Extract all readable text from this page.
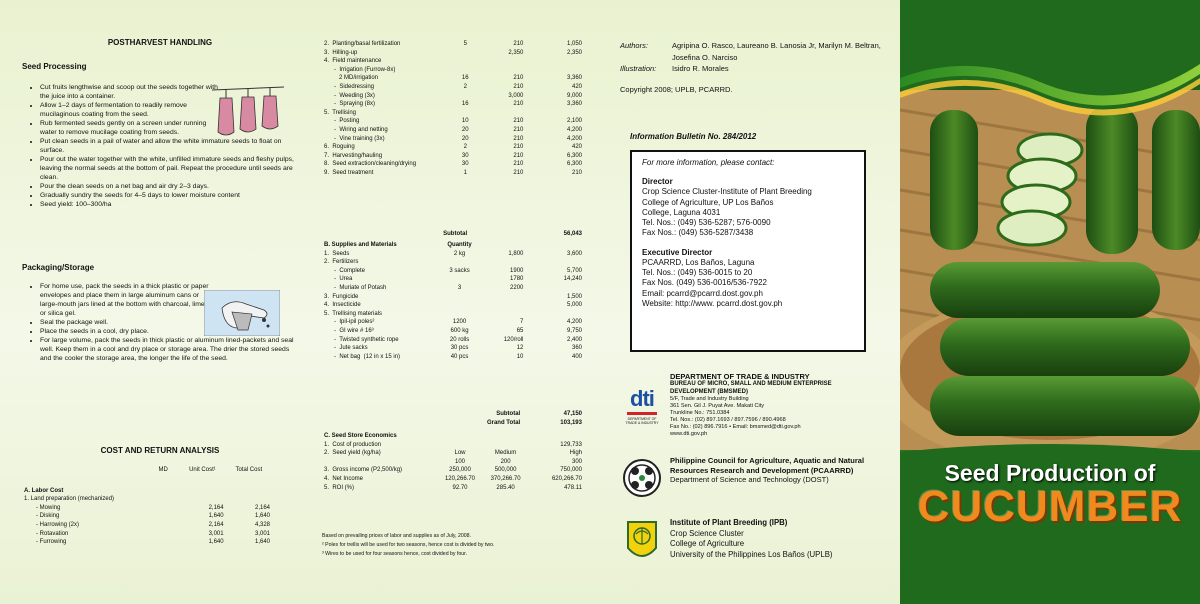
POSTHARVEST HANDLING
Seed Processing
• Cut fruits lengthwise and scoop out the seeds together with the juice into a container.
• Allow 1–2 days of fermentation to readily remove mucilaginous coating from the seed.
• Rub fermented seeds gently on a screen under running water to remove mucilage coating from seeds.
• Put clean seeds in a pail of water and allow the white immature seeds to float on surface.
• Pour out the water together with the white, unfilled immature seeds and fleshy pulps, leaving the normal seeds at the bottom of pail. Repeat the procedure until seeds are clean.
• Pour the clean seeds on a net bag and air dry 2–3 days.
• Gradually sundry the seeds for 4–5 days to lower moisture content
• Seed yield: 100–300/ha
Packaging/Storage
• For home use, pack the seeds in a thick plastic or paper envelopes and place them in large aluminum cans or large-mouth jars lined at the bottom with charcoal, lime or silica gel.
• Seal the package well.
• Place the seeds in a cool, dry place.
• For large volume, pack the seeds in thick plastic or aluminum lined-packets and seal well. Keep them in a cool and dry place or storage area. The drier the stored seeds and the cooler the storage area, the longer the life of the seed.
COST AND RETURN ANALYSIS
	MD	Unit Cost¹	Total Cost

A. Labor Cost			
1. Land preparation (mechanized)			
- Mowing		2,164	2,164
- Disking		1,640	1,640
- Harrowing (2x)		2,164	4,328
- Rotavation		3,001	3,001
- Furrowing		1,640	1,640
2.  Planting/basal fertilization	5	210	1,050
3.  Hilling-up		2,350	2,350
4.  Field maintenance			
-  Irrigation (Furrow-8x)			
2 MD/irrigation	16	210	3,360
-  Sidedressing	2	210	420
-  Weeding (3x)		3,000	9,000
-  Spraying (8x)	16	210	3,360
5.  Trellising			
-  Posting	10	210	2,100
-  Wiring and netting	20	210	4,200
-  Vine training (3x)	20	210	4,200
6.  Roguing	2	210	420
7.  Harvesting/hauling	30	210	6,300
8.  Seed extraction/cleaning/drying	30	210	6,300
9.  Seed treatment	1	210	210
Subtotal		56,043
B. Supplies and Materials	Quantity		
1.  Seeds	2 kg	1,800	3,600
2.  Fertilizers			
-  Complete	3 sacks	1900	5,700
-  Urea		1780	14,240
-  Muriate of Potash	3	2200	
3.  Fungicide			1,500
4.  Insecticide			5,000
5.  Trellising materials			
-  Ipil-ipil poles²	1200	7	4,200
-  GI wire # 16³	600 kg	65	9,750
-  Twisted synthetic rope	20 rolls	120/roll	2,400
-  Jute sacks	30 pcs	12	360
-  Net bag  (12 in x 15 in)	40 pcs	10	400
	Subtotal	47,150
	Grand Total	103,193
C. Seed Store Economics			
1.  Cost of production			129,733
2.  Seed yield (kg/ha)	Low	Medium	High
	100	200	300
3.  Gross income (P2,500/kg)	250,000	500,000	750,000
4.  Net Income	120,266.70	370,266.70	620,266.70
5.  ROI (%)	92.70	285.40	478.11
Based on prevailing prices of labor and supplies as of July, 2008.
² Poles for trellis will be used for two seasons, hence cost is divided by two.
³ Wires to be used for four seasons hence, cost divided by four.
Authors:	Agripina O. Rasco, Laureano B. Lanosia Jr, Marilyn M. Beltran, Josefina O. Narciso
Illustration:	Isidro R. Morales
Copyright 2008; UPLB, PCARRD.
Information Bulletin No. 284/2012
For more information, please contact:
Director
Crop Science Cluster-Institute of Plant Breeding
College of Agriculture, UP Los Baños
College, Laguna 4031
Tel. Nos.: (049) 536-5287; 576-0090
Fax Nos.: (049) 536-5287/3438
Executive Director
PCAARRD, Los Baños, Laguna
Tel. Nos.: (049) 536-0015 to 20
Fax Nos. (049) 536-0016/536-7922
Email: pcarrd@pcarrd.dost.gov.ph
Website: http://www. pcarrd.dost.gov.ph
dti
DEPARTMENT OF TRADE & INDUSTRY
DEPARTMENT OF TRADE & INDUSTRY
BUREAU OF MICRO, SMALL AND MEDIUM ENTERPRISE DEVELOPMENT (BMSMED)
5/F, Trade and Industry Building
361 Sen. Gil J. Puyat Ave. Makati City
Trunkline No.: 751.0384
Tel. Nos.: (02) 897.1693 / 897.7596 / 890.4968
Fax No.: (02) 896.7916 • Email: bmsmed@dti.gov.ph
www.dti.gov.ph
Philippine Council for Agriculture, Aquatic and Natural Resources Research and Development (PCAARRD)
Department of Science and Technology (DOST)
Institute of Plant Breeding (IPB)
Crop Science Cluster
College of Agriculture
University of the Philippines Los Baños (UPLB)
Seed Production of
CUCUMBER
